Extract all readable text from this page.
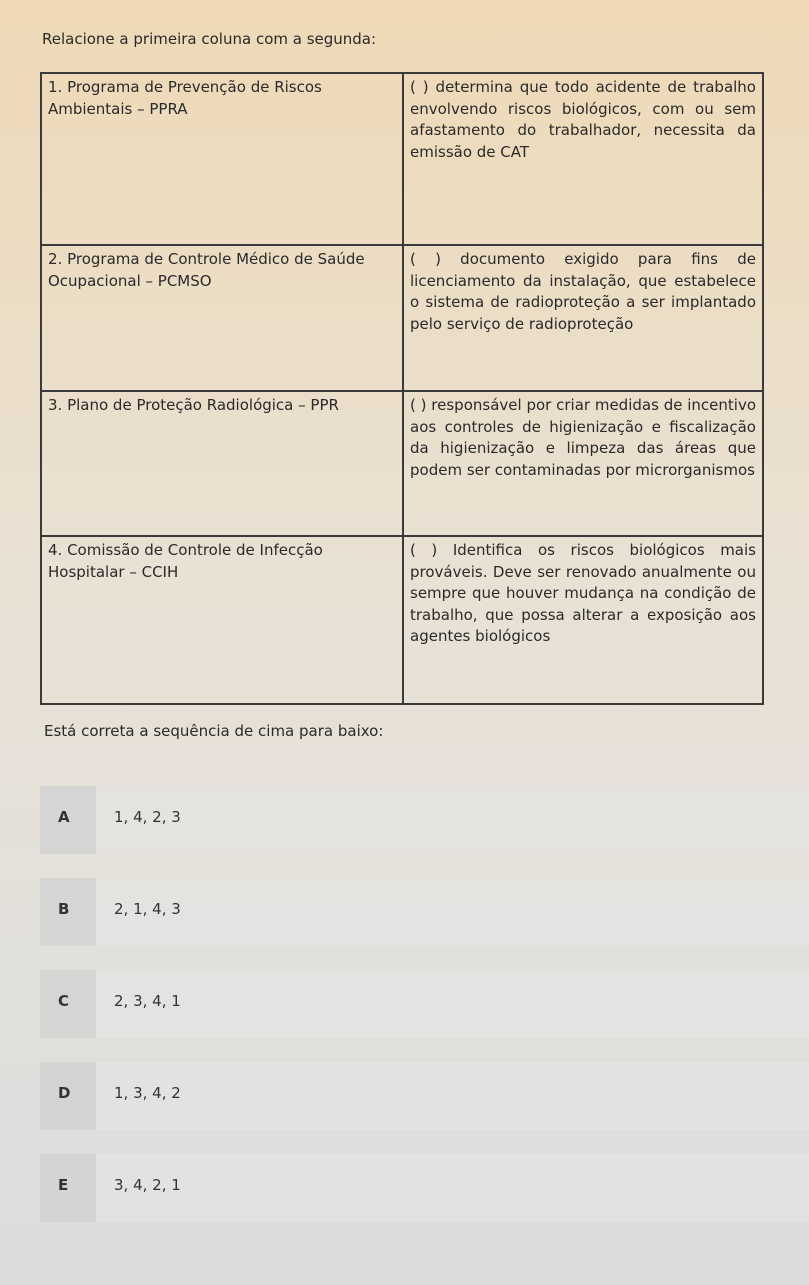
Relacione a primeira coluna com a segunda:
1. Programa de Prevenção de Riscos Ambientais – PPRA	( ) determina que todo acidente de trabalho envolvendo riscos biológicos, com ou sem afastamento do trabalhador, necessita da emissão de CAT
2. Programa de Controle Médico de Saúde Ocupacional – PCMSO	( ) documento exigido para fins de licenciamento da instalação, que estabelece o sistema de radioproteção a ser implantado pelo serviço de radioproteção
3. Plano de Proteção Radiológica – PPR	( ) responsável por criar medidas de incentivo aos controles de higienização e fiscalização da higienização e limpeza das áreas que podem ser contaminadas por microrganismos
4. Comissão de Controle de Infecção Hospitalar – CCIH	( ) Identifica os riscos biológicos mais prováveis. Deve ser renovado anualmente ou sempre que houver mudança na condição de trabalho, que possa alterar a exposição aos agentes biológicos
Está correta a sequência de cima para baixo:
A	1, 4, 2, 3
B	2, 1, 4, 3
C	2, 3, 4, 1
D	1, 3, 4, 2
E	3, 4, 2, 1
